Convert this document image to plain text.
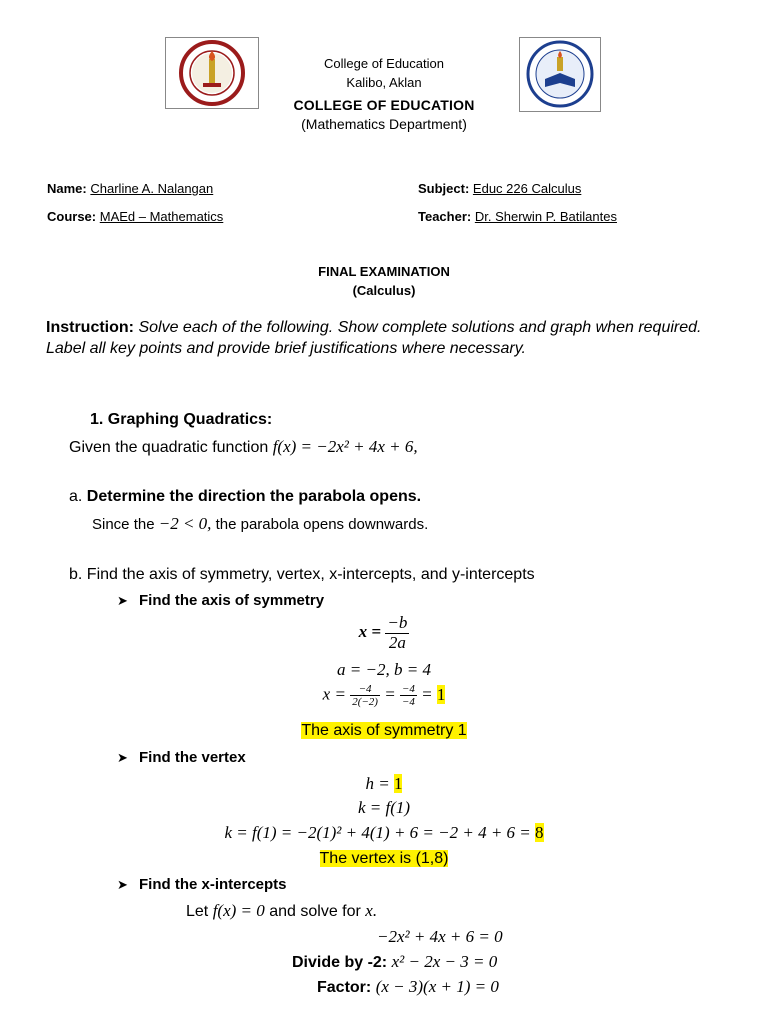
College of Education
Kalibo, Aklan
COLLEGE OF EDUCATION
(Mathematics Department)
Name: Charline A. Nalangan	Subject: Educ 226 Calculus
Course: MAEd – Mathematics	Teacher: Dr. Sherwin P. Batilantes
FINAL EXAMINATION
(Calculus)
Instruction: Solve each of the following. Show complete solutions and graph when required. Label all key points and provide brief justifications where necessary.
1. Graphing Quadratics:
Given the quadratic function f(x) = −2x² + 4x + 6,
a. Determine the direction the parabola opens.
Since the −2 < 0, the parabola opens downwards.
b. Find the axis of symmetry, vertex, x-intercepts, and y-intercepts
➤ Find the axis of symmetry
$x = \frac{-b}{2a}$
a = −2, b = 4
$x = \frac{-4}{2(-2)} = \frac{-4}{-4} = 1$
The axis of symmetry 1
➤ Find the vertex
h = 1
k = f(1)
k = f(1) = −2(1)² + 4(1) + 6 = −2 + 4 + 6 = 8
The vertex is (1,8)
➤ Find the x-intercepts
Let f(x) = 0 and solve for x.
−2x² + 4x + 6 = 0
Divide by -2: x² − 2x − 3 = 0
Factor: (x − 3)(x + 1) = 0
